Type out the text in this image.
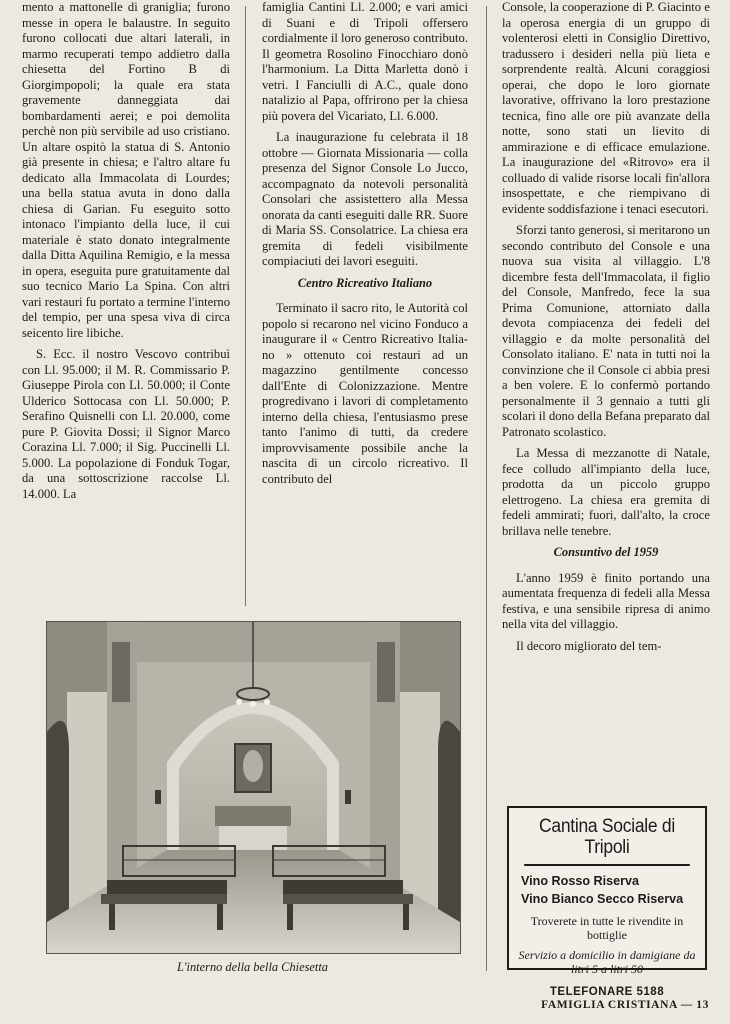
mento a mattonelle di graniglia; furono messe in opera le balaustre. In seguito furono collocati due altari laterali, in marmo recuperati tempo addietro dalla chiesetta del Fortino B di Giorgimpopoli; la quale era stata gravemente danneggiata dai bombardamenti aerei; e poi demolita perchè non più servibile ad uso cristiano. Un altare ospitò la statua di S. Antonio già presente in chiesa; e l'altro altare fu dedicato alla Immacolata di Lourdes; una bella statua avuta in dono dalla chiesa di Garian. Fu eseguito sotto intonaco l'impianto della luce, il cui materiale è stato donato integralmente dalla Ditta Aquilina Remigio, e la messa in opera, eseguita pure gratuitamente dal suo tecnico Mario La Spina. Con altri vari restauri fu portato a termine l'interno del tempio, per una spesa viva di circa seicento lire libiche.

S. Ecc. il nostro Vescovo contribuì con Ll. 95.000; il M. R. Commissario P. Giuseppe Pirola con Ll. 50.000; il Conte Ulderico Sottocasa con Ll. 50.000; P. Serafino Quisnelli con Ll. 20.000, come pure P. Giovita Dossi; il Signor Marco Corazina Ll. 7.000; il Sig. Puccinelli Ll. 5.000. La popolazione di Fonduk Togar, da una sottoscrizione raccolse Ll. 14.000. La

famiglia Cantini Ll. 2.000; e vari amici di Suani e di Tripoli offersero cordialmente il loro generoso contributo. Il geometra Rosolino Finocchiaro donò l'harmonium. La Ditta Marletta donò i vetri. I Fanciulli di A.C., quale dono natalizio al Papa, offrirono per la chiesa più povera del Vicariato, Ll. 6.000.

La inaugurazione fu celebrata il 18 ottobre — Giornata Missionaria — colla presenza del Signor Console Lo Jucco, accompagnato da notevoli personalità Consolari che assistettero alla Messa onorata da canti eseguiti dalle RR. Suore di Maria SS. Consolatrice. La chiesa era gremita di fedeli visibilmente compiaciuti dei lavori eseguiti.

Centro Ricreativo Italiano

Terminato il sacro rito, le Autorità col popolo si recarono nel vicino Fonduco a inaugurare il « Centro Ricreativo Italiano » ottenuto coi restauri ad un magazzino gentilmente concesso dall'Ente di Colonizzazione. Mentre progredivano i lavori di completamento interno della chiesa, l'entusiasmo prese tanto l'animo di tutti, da credere improvvisamente possibile anche la nascita di un circolo ricreativo. Il contributo del

Console, la cooperazione di P. Giacinto e la operosa energia di un gruppo di volenterosi eletti in Consiglio Direttivo, tradussero i desideri nella più lieta e sorprendente realtà. Alcuni coraggiosi operai, che dopo le loro giornate lavorative, offrivano la loro prestazione tecnica, fino alle ore più avanzate della notte, sono stati un lievito di ammirazione e di efficace emulazione. La inaugurazione del «Ritrovo» era il colluado di valide risorse locali fin'allora insospettate, e che riempivano di evidente soddisfazione i tenaci esecutori.

Sforzi tanto generosi, si meritarono un secondo contributo del Console e una nuova sua visita al villaggio. L'8 dicembre festa dell'Immacolata, il figlio del Console, Manfredo, fece la sua Prima Comunione, attorniato dalla devota compiacenza dei fedeli del villaggio e da molte personalità del Consolato italiano. E' nata in tutti noi la convinzione che il Console ci abbia presi a ben volere. E lo confermò portando personalmente il 3 gennaio a tutti gli scolari il dono della Befana preparato dal Patronato scolastico.

La Messa di mezzanotte di Natale, fece colludo all'impianto della luce, prodotta da un piccolo gruppo elettrogeno. La chiesa era gremita di fedeli ammirati; fuori, dall'alto, la croce brillava nelle tenebre.

Consuntivo del 1959

L'anno 1959 è finito portando una aumentata frequenza di fedeli alla Messa festiva, e una sensibile ripresa di animo nella vita del villaggio.

Il decoro migliorato del tem-

L'interno della bella Chiesetta
Cantina Sociale di Tripoli
Vino Rosso Riserva
Vino Bianco Secco Riserva
Troverete in tutte le rivendite in bottiglie
Servizio a domicilio in damigiane da litri 5 a litri 50
TELEFONARE 5188
FAMIGLIA CRISTIANA — 13
